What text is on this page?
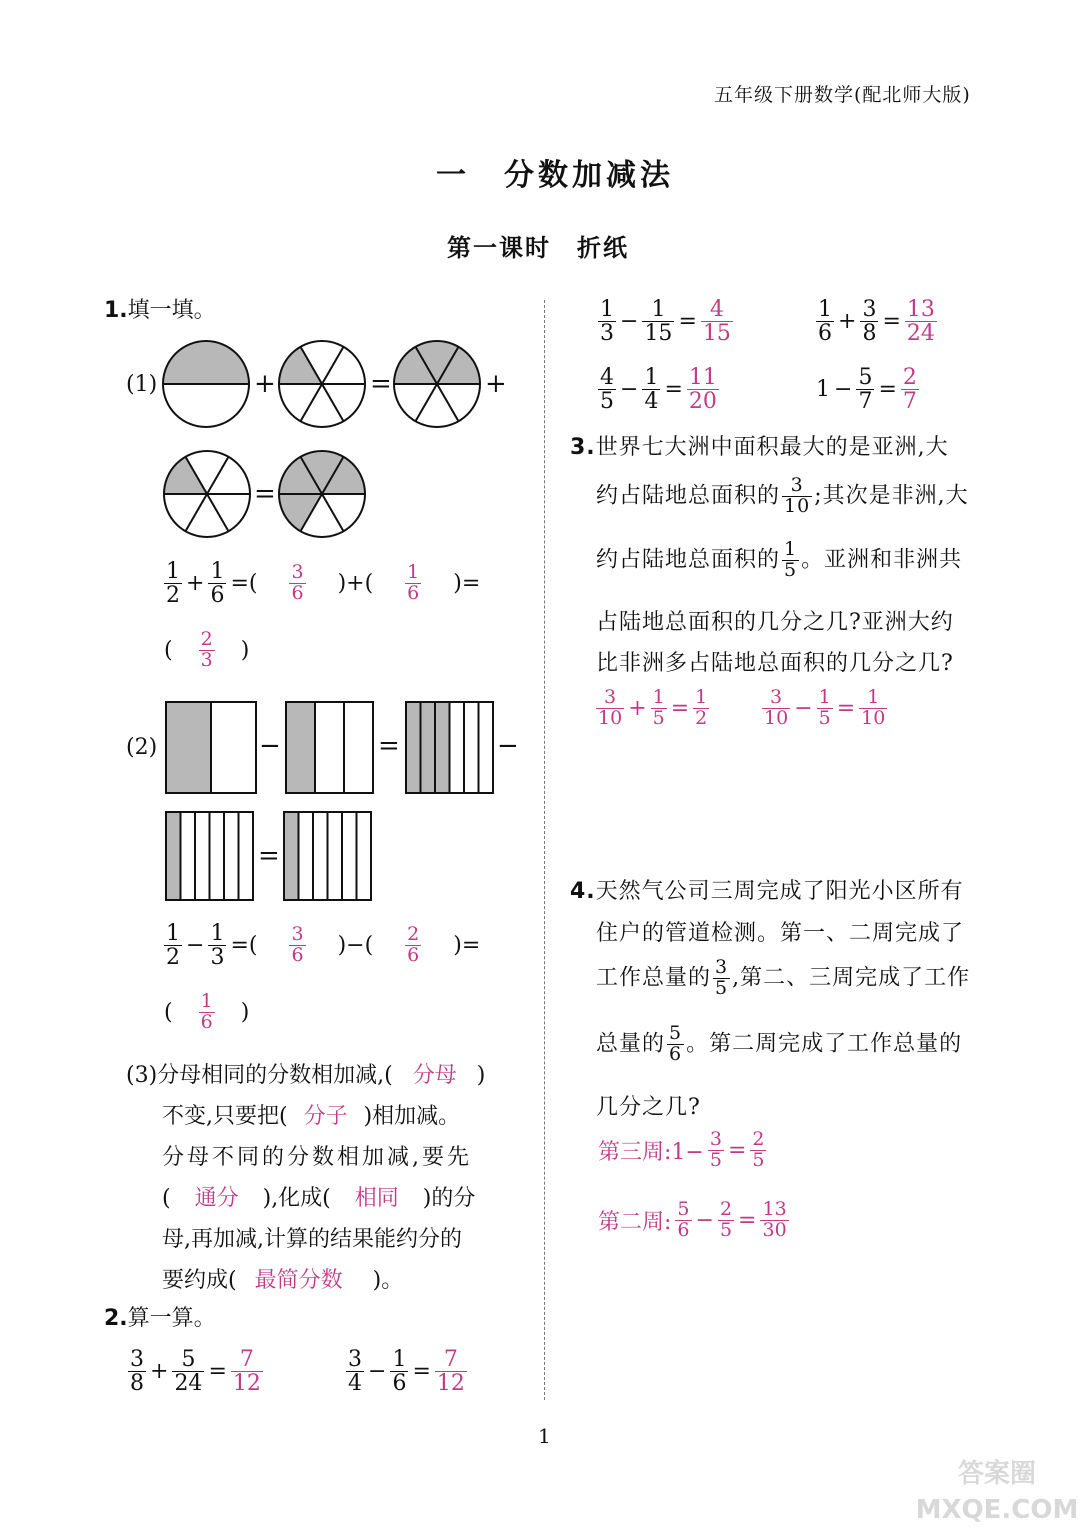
五年级下册数学(配北师大版)
一　分数加减法
第一课时　折纸
1.填一填。
(1)	+	=	+
=
−	=	−
=
$\frac{1}{2} + \frac{1}{6}$ =( $\frac{3}{6}$ )+( $\frac{1}{6}$ )=
( $\frac{2}{3}$ )
(2)
$\frac{1}{2} - \frac{1}{3}$ =( $\frac{3}{6}$ )−( $\frac{2}{6}$ )=
( $\frac{1}{6}$ )
(3)分母相同的分数相加减,( 分母 )
不变,只要把( 分子 )相加减。
分母不同的分数相加减,要先
( 通分 ),化成( 相同 )的分
母,再加减,计算的结果能约分的
要约成( 最简分数 )。
2.算一算。
$\frac{3}{8} + \frac{5}{24} = \frac{7}{12}$	$\frac{3}{4} - \frac{1}{6} = \frac{7}{12}$
$\frac{1}{3} - \frac{1}{15} = \frac{4}{15}$	$\frac{1}{6} + \frac{3}{8} = \frac{13}{24}$
$\frac{4}{5} - \frac{1}{4} = \frac{11}{20}$	$1 - \frac{5}{7} = \frac{2}{7}$
3.世界七大洲中面积最大的是亚洲,大
约占陆地总面积的 $\frac{3}{10}$ ;其次是非洲,大
约占陆地总面积的 $\frac{1}{5}$ 。亚洲和非洲共
占陆地总面积的几分之几?亚洲大约
比非洲多占陆地总面积的几分之几?
$\frac{3}{10} + \frac{1}{5} = \frac{1}{2}$	$\frac{3}{10} - \frac{1}{5} = \frac{1}{10}$
4.天然气公司三周完成了阳光小区所有
住户的管道检测。第一、二周完成了
工作总量的 $\frac{3}{5}$ ,第二、三周完成了工作
总量的 $\frac{5}{6}$ 。第二周完成了工作总量的
几分之几?
第三周:1− $\frac{3}{5} = \frac{2}{5}$
第二周: $\frac{5}{6} - \frac{2}{5} = \frac{13}{30}$
1
答案圈 MXQE.COM
